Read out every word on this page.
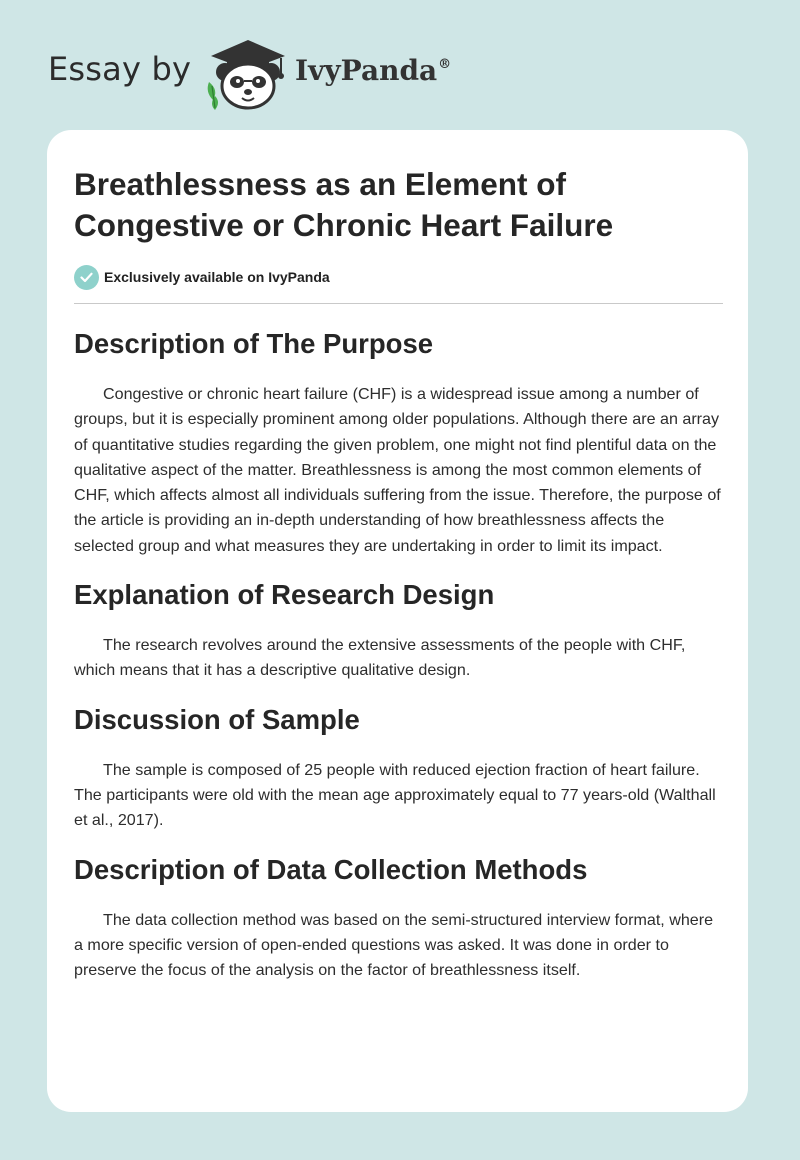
Essay by	IvyPanda®
Breathlessness as an Element of Congestive or Chronic Heart Failure
Exclusively available on IvyPanda
Description of The Purpose

Congestive or chronic heart failure (CHF) is a widespread issue among a number of groups, but it is especially prominent among older populations. Although there are an array of quantitative studies regarding the given problem, one might not find plentiful data on the qualitative aspect of the matter. Breathlessness is among the most common elements of CHF, which affects almost all individuals suffering from the issue. Therefore, the purpose of the article is providing an in-depth understanding of how breathlessness affects the selected group and what measures they are undertaking in order to limit its impact.

Explanation of Research Design

The research revolves around the extensive assessments of the people with CHF, which means that it has a descriptive qualitative design.

Discussion of Sample

The sample is composed of 25 people with reduced ejection fraction of heart failure. The participants were old with the mean age approximately equal to 77 years-old (Walthall et al., 2017).

Description of Data Collection Methods

The data collection method was based on the semi-structured interview format, where a more specific version of open-ended questions was asked. It was done in order to preserve the focus of the analysis on the factor of breathlessness itself.
